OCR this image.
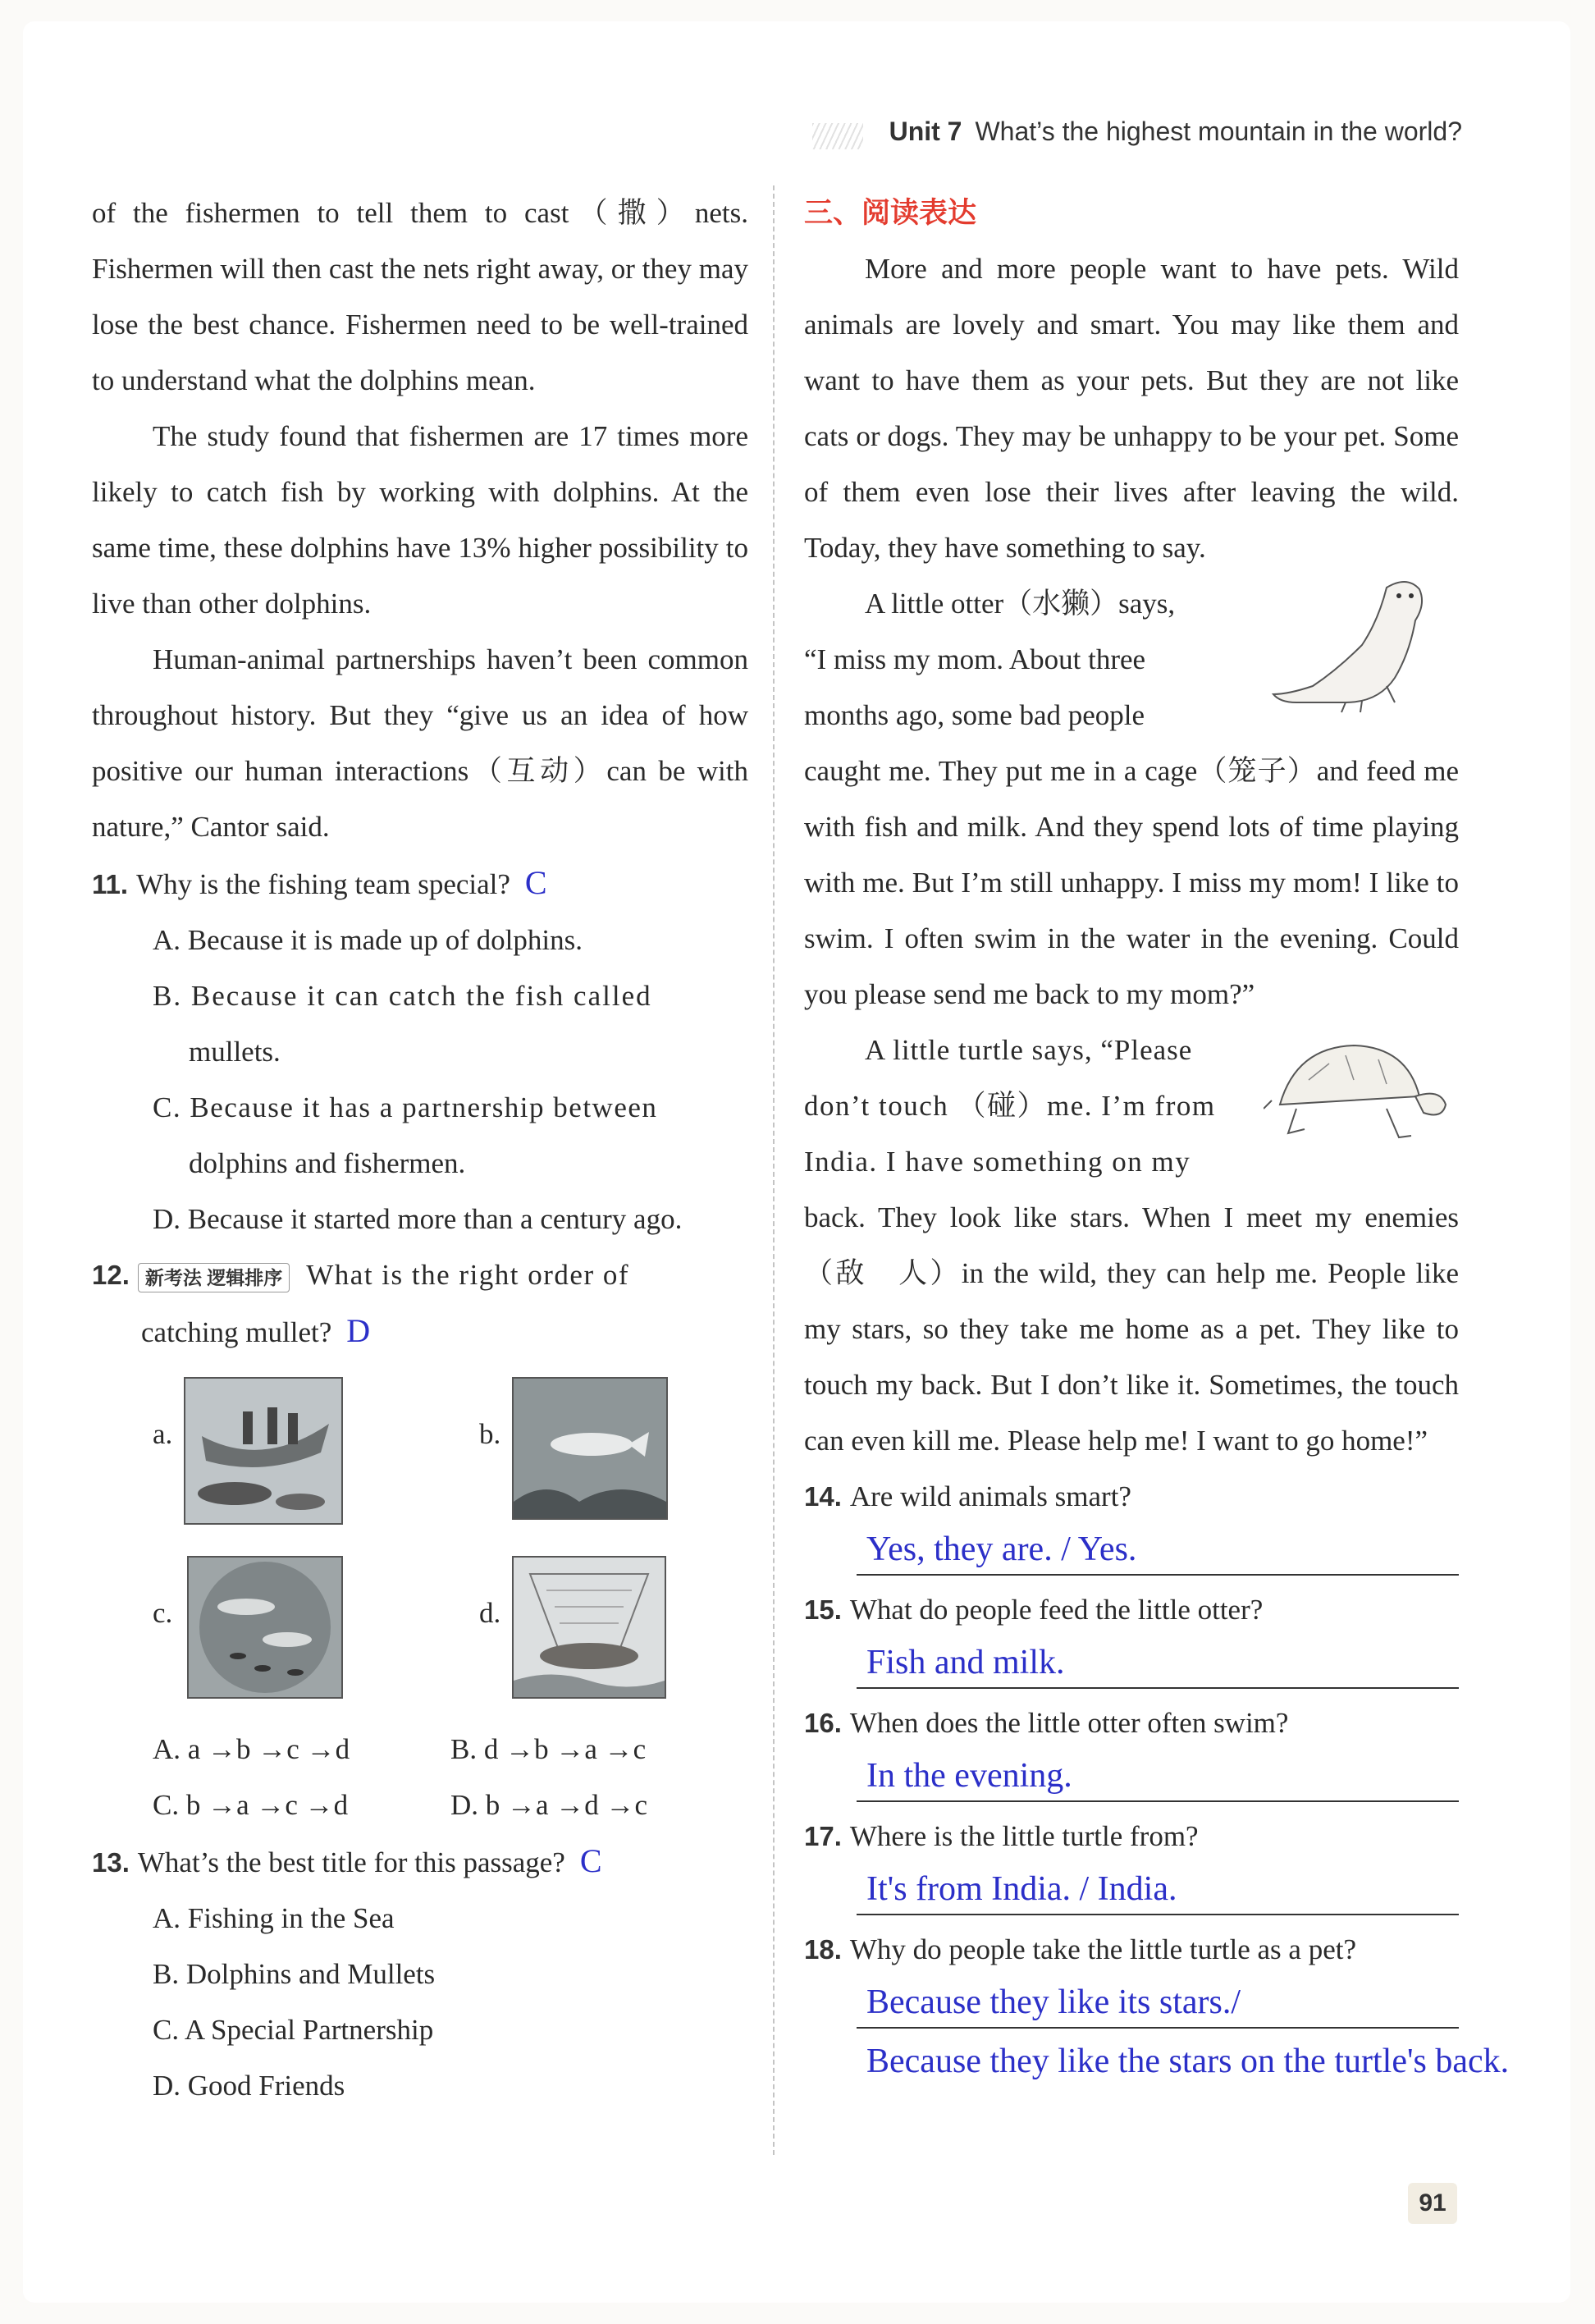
Unit 7 What’s the highest mountain in the world?

of the fishermen to tell them to cast（撒）nets. Fishermen will then cast the nets right away, or they may lose the best chance. Fishermen need to be well-trained to understand what the dolphins mean.

The study found that fishermen are 17 times more likely to catch fish by working with dolphins. At the same time, these dolphins have 13% higher possibility to live than other dolphins.

Human-animal partnerships haven’t been common throughout history. But they “give us an idea of how positive our human interactions（互动）can be with nature,” Cantor said.

11. Why is the fishing team special? C
A. Because it is made up of dolphins.
B. Because it can catch the fish called
mullets.
C. Because it has a partnership between
dolphins and fishermen.
D. Because it started more than a century ago.
12. 新考法 逻辑排序 What is the right order of
catching mullet? D
a.	b.
c.	d.
A. a →b →c →d	B. d →b →a →c
C. b →a →c →d	D. b →a →d →c
13. What’s the best title for this passage? C
A. Fishing in the Sea
B. Dolphins and Mullets
C. A Special Partnership
D. Good Friends
三、阅读表达

More and more people want to have pets. Wild animals are lovely and smart. You may like them and want to have them as your pets. But they are not like cats or dogs. They may be unhappy to be your pet. Some of them even lose their lives after leaving the wild. Today, they have something to say.

A little otter（水獭）says,

“I miss my mom. About three

months ago, some bad people

caught me. They put me in a cage（笼子）and feed me with fish and milk. And they spend lots of time playing with me. But I’m still unhappy. I miss my mom! I like to swim. I often swim in the water in the evening. Could you please send me back to my mom?”

A little turtle says, “Please

don’t touch （碰）me. I’m from

India. I have something on my

back. They look like stars. When I meet my enemies（敌　人）in the wild, they can help me. People like my stars, so they take me home as a pet. They like to touch my back. But I don’t like it. Sometimes, the touch can even kill me. Please help me! I want to go home!”

14. Are wild animals smart?
Yes, they are. / Yes.
15. What do people feed the little otter?
Fish and milk.
16. When does the little otter often swim?
In the evening.
17. Where is the little turtle from?
It's from India. / India.
18. Why do people take the little turtle as a pet?
Because they like its stars./
Because they like the stars on the turtle's back.
91
